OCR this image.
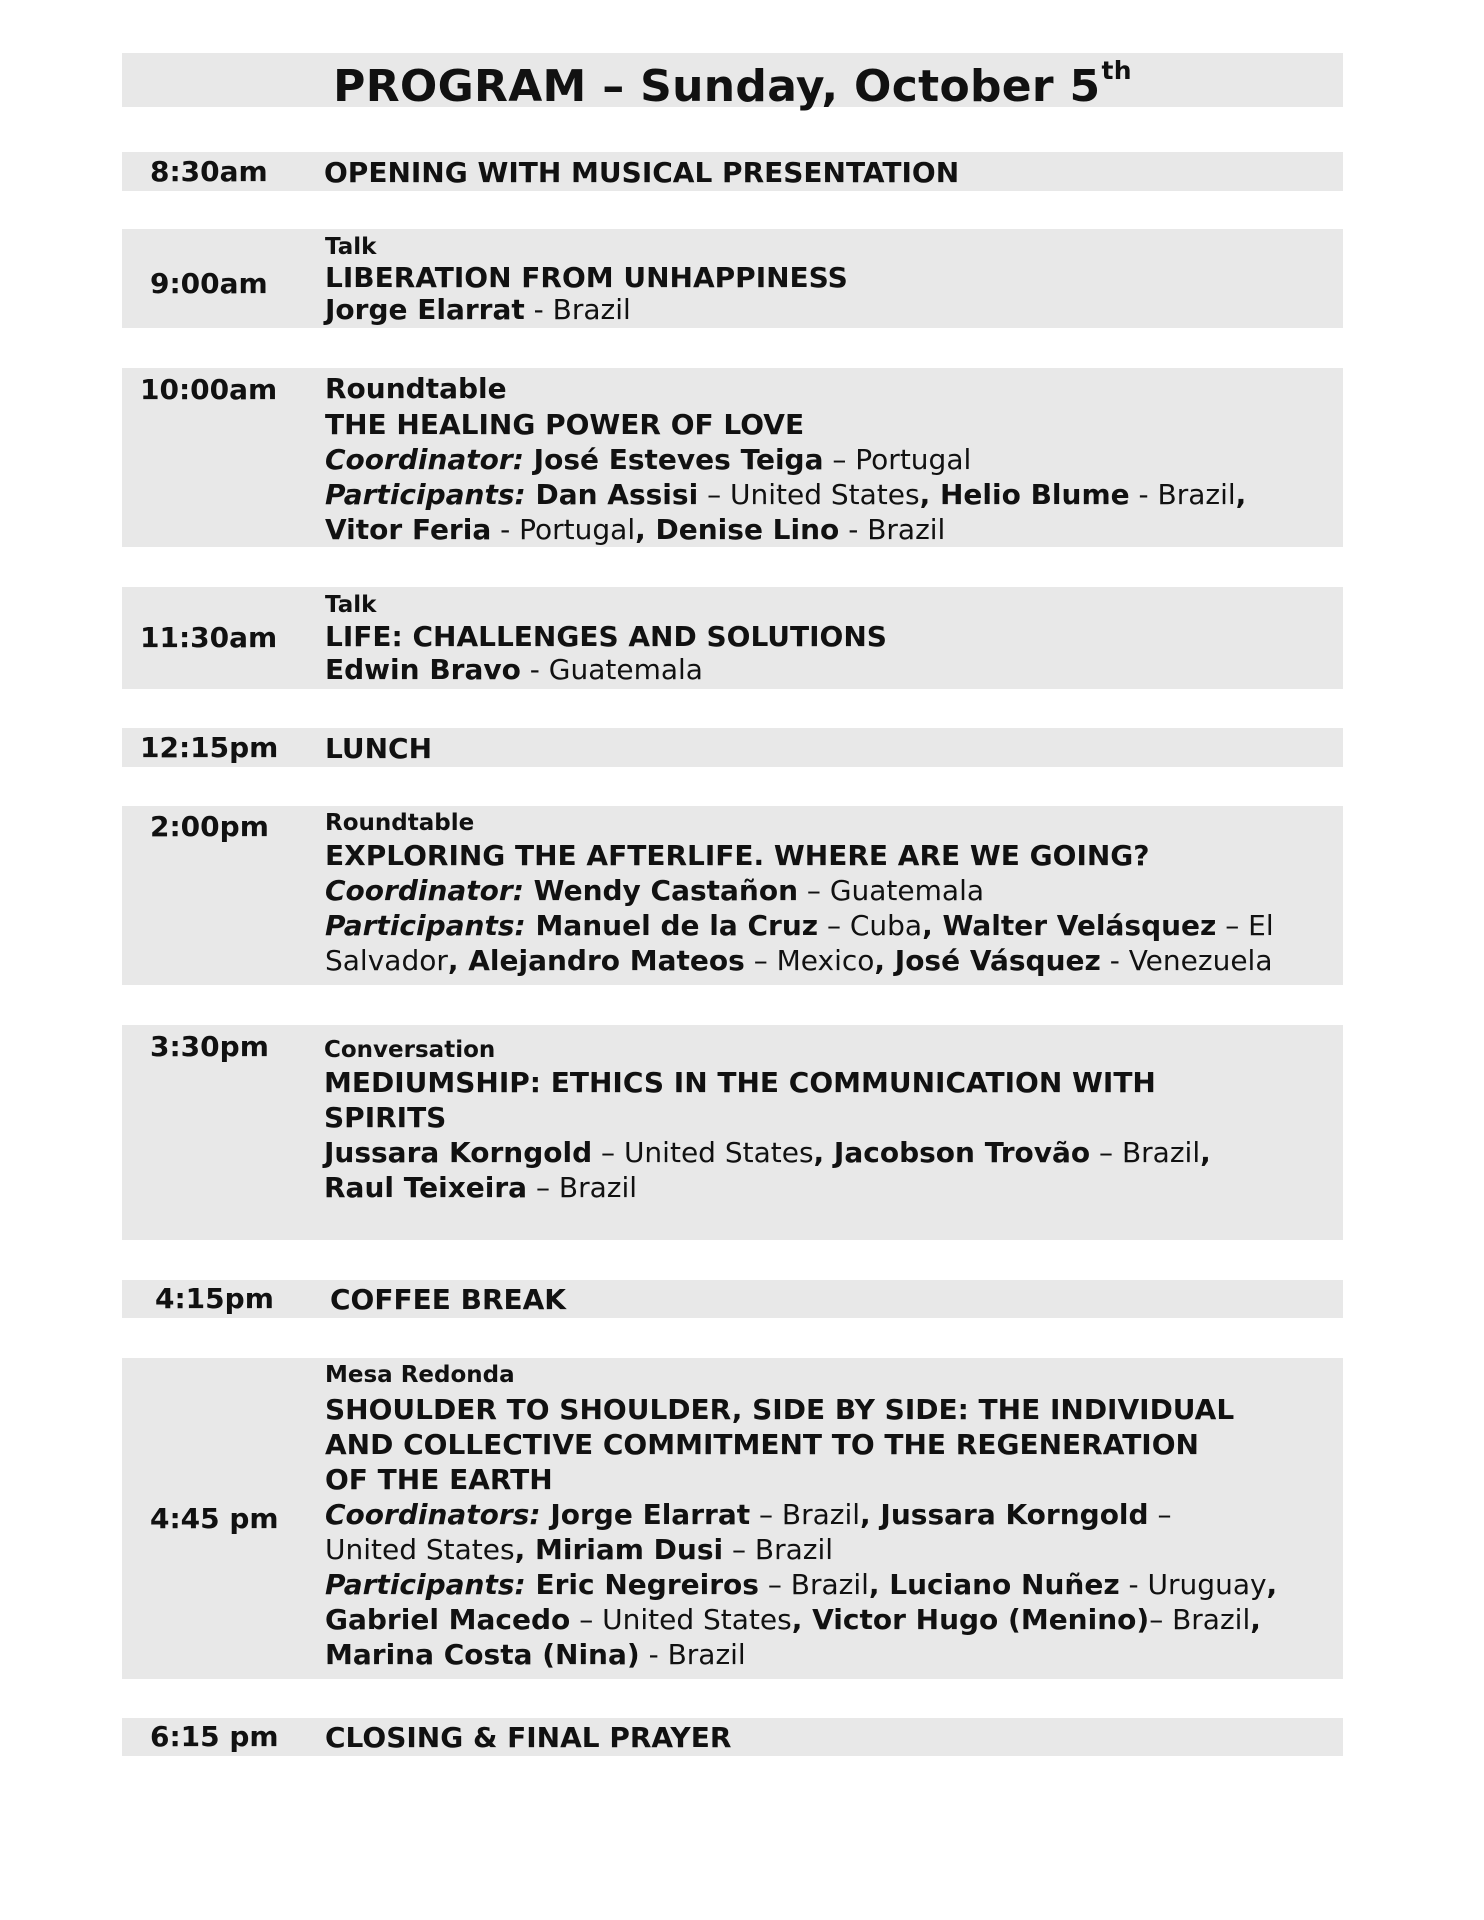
PROGRAM – Sunday, October 5th
8:30am OPENING WITH MUSICAL PRESENTATION
9:00am
Talk
LIBERATION FROM UNHAPPINESS
Jorge Elarrat - Brazil
10:00am Roundtable
THE HEALING POWER OF LOVE
Coordinator: José Esteves Teiga – Portugal
Participants: Dan Assisi – United States, Helio Blume - Brazil,
Vitor Feria - Portugal, Denise Lino - Brazil
11:30am
Talk
LIFE: CHALLENGES AND SOLUTIONS
Edwin Bravo - Guatemala
12:15pm LUNCH
2:00pm Roundtable
EXPLORING THE AFTERLIFE. WHERE ARE WE GOING?
Coordinator: Wendy Castañon – Guatemala
Participants: Manuel de la Cruz – Cuba, Walter Velásquez – El
Salvador, Alejandro Mateos – Mexico, José Vásquez - Venezuela
3:30pm Conversation
MEDIUMSHIP: ETHICS IN THE COMMUNICATION WITH
SPIRITS
Jussara Korngold – United States, Jacobson Trovão – Brazil,
Raul Teixeira – Brazil
4:15pm COFFEE BREAK
4:45 pm
Mesa Redonda
SHOULDER TO SHOULDER, SIDE BY SIDE: THE INDIVIDUAL
AND COLLECTIVE COMMITMENT TO THE REGENERATION
OF THE EARTH
Coordinators: Jorge Elarrat – Brazil, Jussara Korngold –
United States, Miriam Dusi – Brazil
Participants: Eric Negreiros – Brazil, Luciano Nuñez - Uruguay,
Gabriel Macedo – United States, Victor Hugo (Menino)– Brazil,
Marina Costa (Nina) - Brazil
6:15 pm CLOSING & FINAL PRAYER
